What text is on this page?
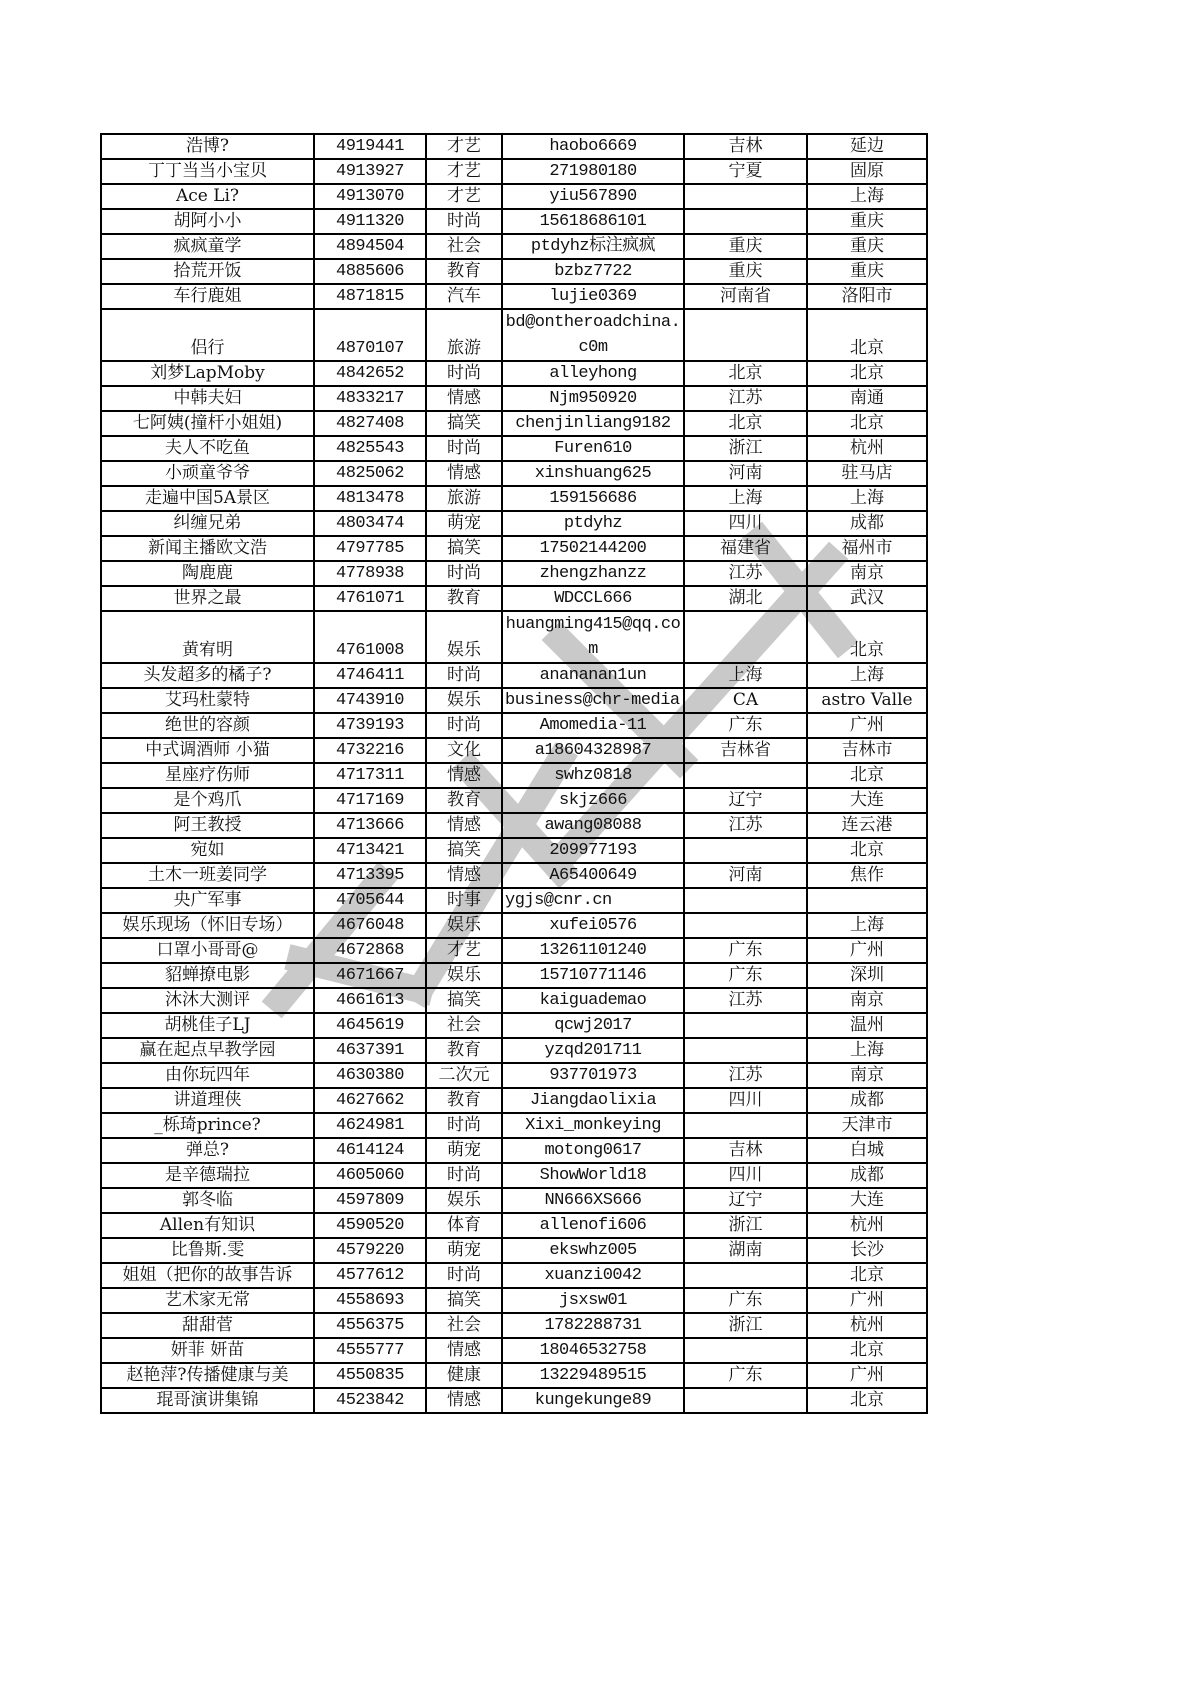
浩博?	4919441	才艺	haobo6669	吉林	延边
丁丁当当小宝贝	4913927	才艺	271980180	宁夏	固原
Ace Li?	4913070	才艺	yiu567890		上海
胡阿小小	4911320	时尚	15618686101		重庆
疯疯童学	4894504	社会	ptdyhz标注疯疯	重庆	重庆
拾荒开饭	4885606	教育	bzbz7722	重庆	重庆
车行鹿姐	4871815	汽车	lujie0369	河南省	洛阳市
侣行	4870107	旅游	bd@ontheroadchina.c0m		北京
刘梦LapMoby	4842652	时尚	alleyhong	北京	北京
中韩夫妇	4833217	情感	Njm950920	江苏	南通
七阿姨(撞杆小姐姐)	4827408	搞笑	chenjinliang9182	北京	北京
夫人不吃鱼	4825543	时尚	Furen610	浙江	杭州
小顽童爷爷	4825062	情感	xinshuang625	河南	驻马店
走遍中国5A景区	4813478	旅游	159156686	上海	上海
纠缠兄弟	4803474	萌宠	ptdyhz	四川	成都
新闻主播欧文浩	4797785	搞笑	17502144200	福建省	福州市
陶鹿鹿	4778938	时尚	zhengzhanzz	江苏	南京
世界之最	4761071	教育	WDCCL666	湖北	武汉
黄宥明	4761008	娱乐	huangming415@qq.com		北京
头发超多的橘子?	4746411	时尚	anananan1un	上海	上海
艾玛杜蒙特	4743910	娱乐	business@chr-media	CA	astro Valle
绝世的容颜	4739193	时尚	Amomedia-11	广东	广州
中式调酒师 小猫	4732216	文化	a18604328987	吉林省	吉林市
星座疗伤师	4717311	情感	swhz0818		北京
是个鸡爪	4717169	教育	skjz666	辽宁	大连
阿王教授	4713666	情感	awang08088	江苏	连云港
宛如	4713421	搞笑	209977193		北京
土木一班姜同学	4713395	情感	A65400649	河南	焦作
央广军事	4705644	时事	ygjs@cnr.cn		
娱乐现场（怀旧专场）	4676048	娱乐	xufei0576		上海
口罩小哥哥@	4672868	才艺	13261101240	广东	广州
貂蝉撩电影	4671667	娱乐	15710771146	广东	深圳
沐沐大测评	4661613	搞笑	kaiguademao	江苏	南京
胡桃佳子LJ	4645619	社会	qcwj2017		温州
赢在起点早教学园	4637391	教育	yzqd201711		上海
由你玩四年	4630380	二次元	937701973	江苏	南京
讲道理侠	4627662	教育	Jiangdaolixia	四川	成都
_栎琦prince?	4624981	时尚	Xixi_monkeying		天津市
弹总?	4614124	萌宠	motong0617	吉林	白城
是辛德瑞拉	4605060	时尚	ShowWorld18	四川	成都
郭冬临	4597809	娱乐	NN666XS666	辽宁	大连
Allen有知识	4590520	体育	allenofi606	浙江	杭州
比鲁斯.雯	4579220	萌宠	ekswhz005	湖南	长沙
姐姐（把你的故事告诉	4577612	时尚	xuanzi0042		北京
艺术家无常	4558693	搞笑	jsxsw01	广东	广州
甜甜菅	4556375	社会	1782288731	浙江	杭州
妍菲 妍苗	4555777	情感	18046532758		北京
赵艳萍?传播健康与美	4550835	健康	13229489515	广东	广州
琨哥演讲集锦	4523842	情感	kungekunge89		北京
